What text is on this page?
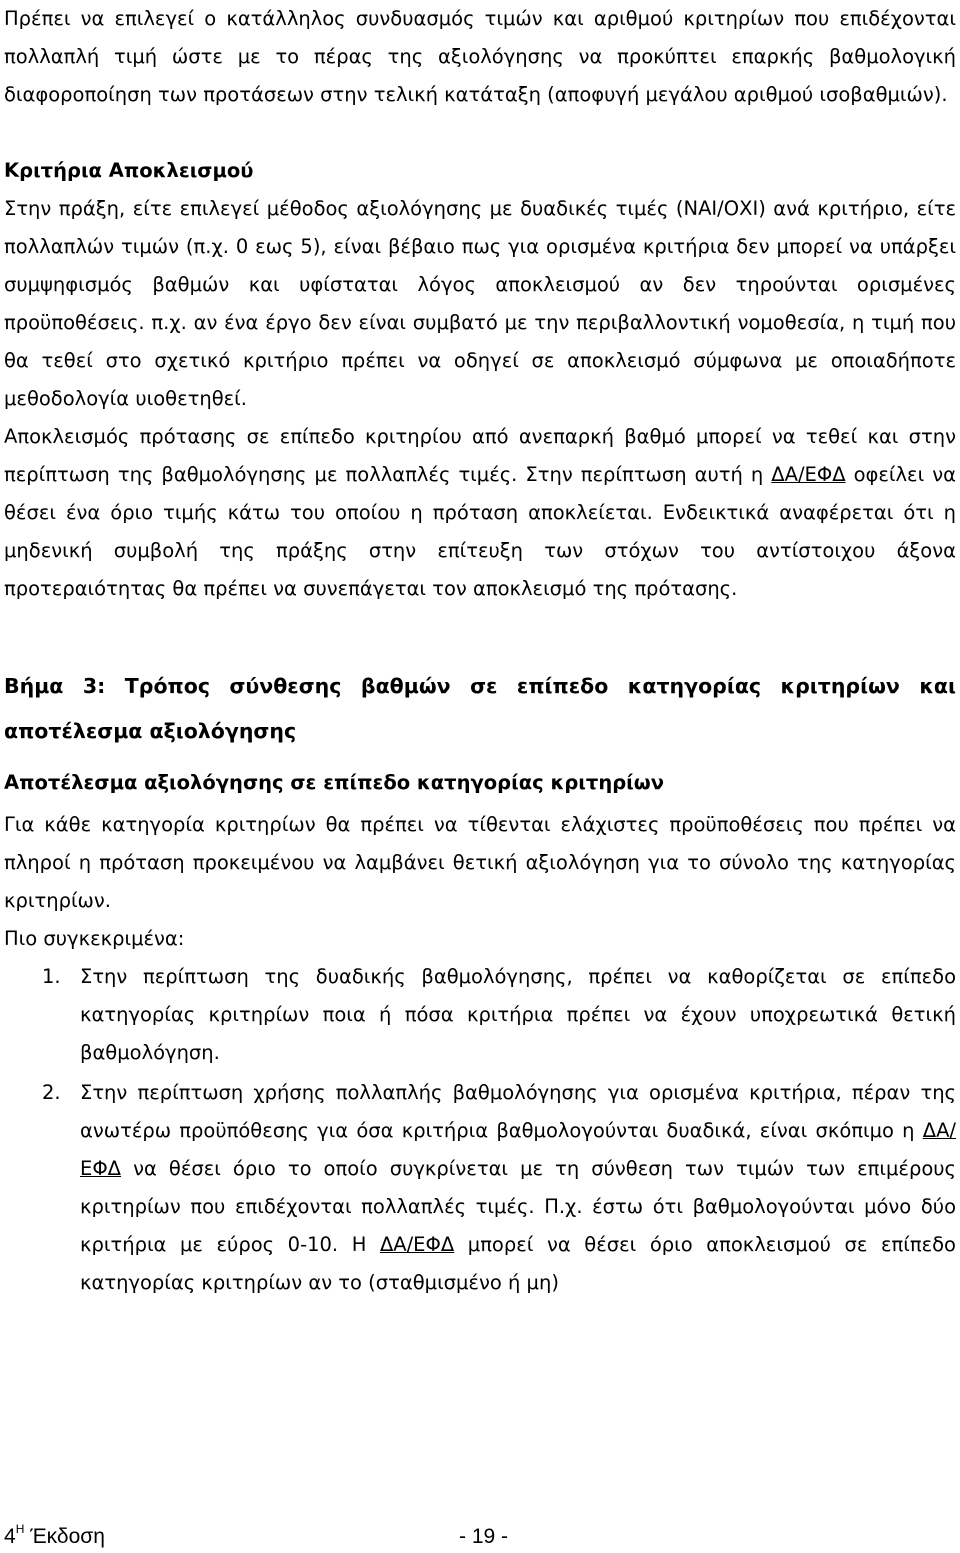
Πρέπει να επιλεγεί ο κατάλληλος συνδυασμός τιμών και αριθμού κριτηρίων που επιδέχονται πολλαπλή τιμή ώστε με το πέρας της αξιολόγησης να προκύπτει επαρκής βαθμολογική διαφοροποίηση των προτάσεων στην τελική κατάταξη (αποφυγή μεγάλου αριθμού ισοβαθμιών).

Κριτήρια Αποκλεισμού

Στην πράξη, είτε επιλεγεί μέθοδος αξιολόγησης με δυαδικές τιμές (ΝΑΙ/ΟΧΙ) ανά κριτήριο, είτε πολλαπλών τιμών (π.χ. 0 εως 5), είναι βέβαιο πως για ορισμένα κριτήρια δεν μπορεί να υπάρξει συμψηφισμός βαθμών και υφίσταται λόγος αποκλεισμού αν δεν τηρούνται ορισμένες προϋποθέσεις. π.χ. αν ένα έργο δεν είναι συμβατό με την περιβαλλοντική νομοθεσία, η τιμή που θα τεθεί στο σχετικό κριτήριο πρέπει να οδηγεί σε αποκλεισμό σύμφωνα με οποιαδήποτε μεθοδολογία υιοθετηθεί.

Αποκλεισμός πρότασης σε επίπεδο κριτηρίου από ανεπαρκή βαθμό μπορεί να τεθεί και στην περίπτωση της βαθμολόγησης με πολλαπλές τιμές. Στην περίπτωση αυτή η ΔΑ/ΕΦΔ οφείλει να θέσει ένα όριο τιμής κάτω του οποίου η πρόταση αποκλείεται. Ενδεικτικά αναφέρεται ότι η μηδενική συμβολή της πράξης στην επίτευξη των στόχων του αντίστοιχου άξονα προτεραιότητας θα πρέπει να συνεπάγεται τον αποκλεισμό της πρότασης.

Βήμα 3: Τρόπος σύνθεσης βαθμών σε επίπεδο κατηγορίας κριτηρίων και αποτέλεσμα αξιολόγησης

Αποτέλεσμα αξιολόγησης σε επίπεδο κατηγορίας κριτηρίων

Για κάθε κατηγορία κριτηρίων θα πρέπει να τίθενται ελάχιστες προϋποθέσεις που πρέπει να πληροί η πρόταση προκειμένου να λαμβάνει θετική αξιολόγηση για το σύνολο της κατηγορίας κριτηρίων.

Πιο συγκεκριμένα:

1. Στην περίπτωση της δυαδικής βαθμολόγησης, πρέπει να καθορίζεται σε επίπεδο κατηγορίας κριτηρίων ποια ή πόσα κριτήρια πρέπει να έχουν υποχρεωτικά θετική βαθμολόγηση.
2. Στην περίπτωση χρήσης πολλαπλής βαθμολόγησης για ορισμένα κριτήρια, πέραν της ανωτέρω προϋπόθεσης για όσα κριτήρια βαθμολογούνται δυαδικά, είναι σκόπιμο η ΔΑ/ΕΦΔ να θέσει όριο το οποίο συγκρίνεται με τη σύνθεση των τιμών των επιμέρους κριτηρίων που επιδέχονται πολλαπλές τιμές. Π.χ. έστω ότι βαθμολογούνται μόνο δύο κριτήρια με εύρος 0-10. Η ΔΑ/ΕΦΔ μπορεί να θέσει όριο αποκλεισμού σε επίπεδο κατηγορίας κριτηρίων αν το (σταθμισμένο ή μη)
$4^H$ Έκδοση	- 19 -
